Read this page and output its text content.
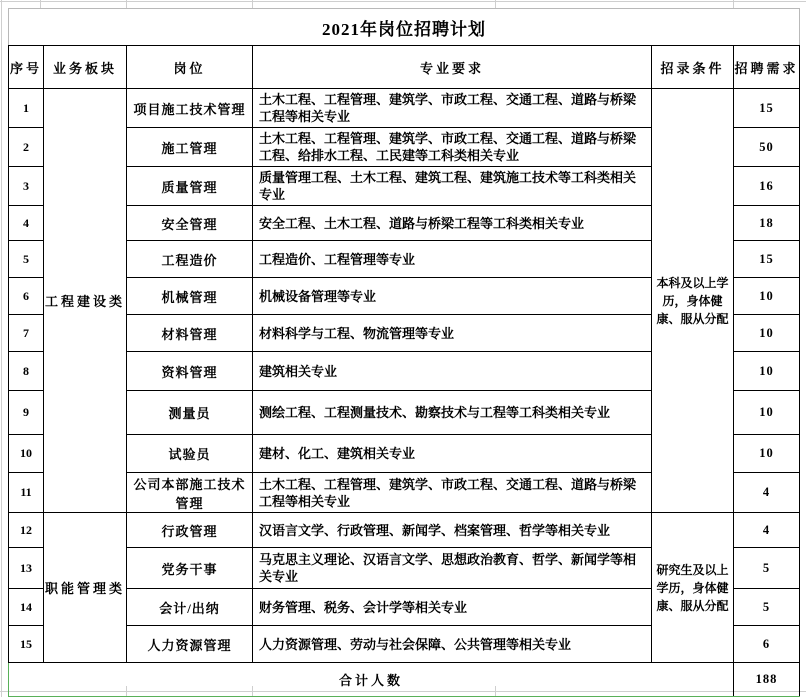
2021年岗位招聘计划					
序号	业务板块	岗位	专业要求	招录条件	招聘需求
1	工程建设类	项目施工技术管理	土木工程、工程管理、建筑学、市政工程、交通工程、道路与桥梁工程等相关专业	本科及以上学历，身体健康、服从分配	15
2		施工管理	土木工程、工程管理、建筑学、市政工程、交通工程、道路与桥梁工程、给排水工程、工民建等工科类相关专业		50
3		质量管理	质量管理工程、土木工程、建筑工程、建筑施工技术等工科类相关专业		16
4		安全管理	安全工程、土木工程、道路与桥梁工程等工科类相关专业		18
5		工程造价	工程造价、工程管理等专业		15
6		机械管理	机械设备管理等专业		10
7		材料管理	材料科学与工程、物流管理等专业		10
8		资料管理	建筑相关专业		10
9		测量员	测绘工程、工程测量技术、勘察技术与工程等工科类相关专业		10
10		试验员	建材、化工、建筑相关专业		10
11		公司本部施工技术管理	土木工程、工程管理、建筑学、市政工程、交通工程、道路与桥梁工程等相关专业		4
12	职能管理类	行政管理	汉语言文学、行政管理、新闻学、档案管理、哲学等相关专业	研究生及以上学历，身体健康、服从分配	4
13		党务干事	马克思主义理论、汉语言文学、思想政治教育、哲学、新闻学等相关专业		5
14		会计/出纳	财务管理、税务、会计学等相关专业		5
15		人力资源管理	人力资源管理、劳动与社会保障、公共管理等相关专业		6
合计人数					188
